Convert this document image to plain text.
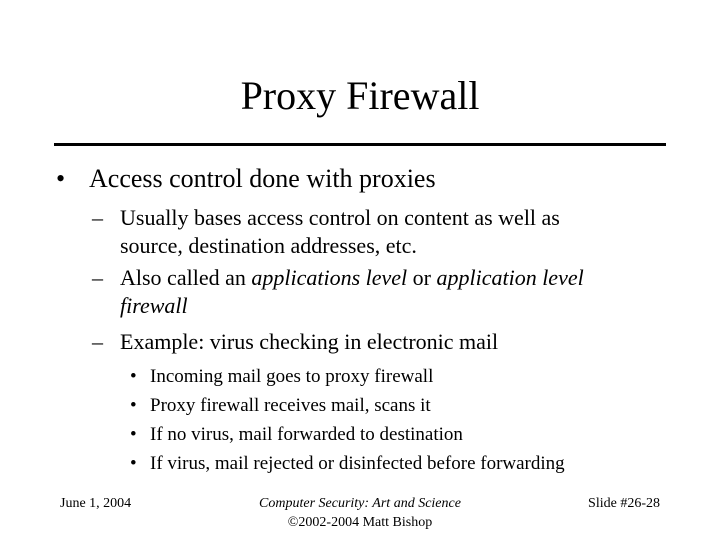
Proxy Firewall
• Access control done with proxies
– Usually bases access control on content as well as
source, destination addresses, etc.
– Also called an applications level or application level
firewall
– Example: virus checking in electronic mail
• Incoming mail goes to proxy firewall
• Proxy firewall receives mail, scans it
• If no virus, mail forwarded to destination
• If virus, mail rejected or disinfected before forwarding
June 1, 2004	Computer Security: Art and Science
©2002-2004 Matt Bishop
Slide #26-28
